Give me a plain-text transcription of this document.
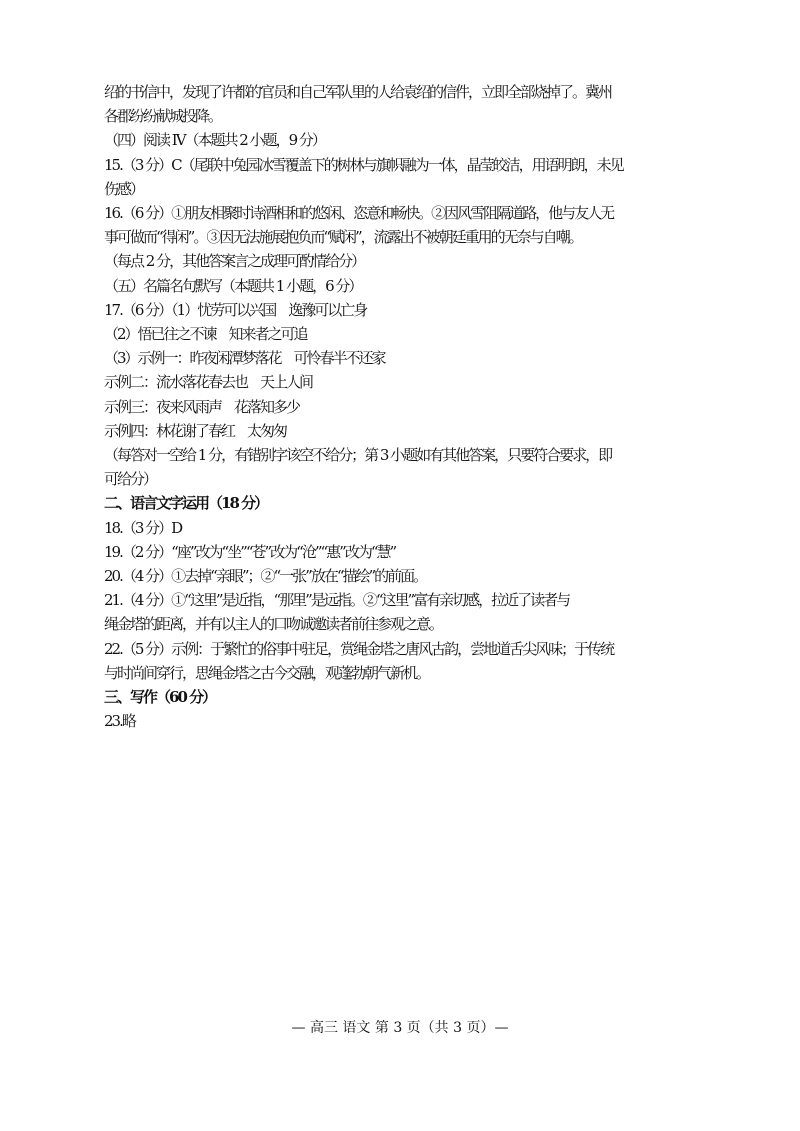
绍的书信中，发现了许都的官员和自己军队里的人给袁绍的信件，立即全部烧掉了。冀州
各郡纷纷献城投降。
（四）阅读 IV（本题共 2 小题，9 分）
15.（3 分）C（尾联中兔园冰雪覆盖下的树林与旗帜融为一体，晶莹皎洁，用语明朗，未见
伤感）
16.（6 分）①朋友相聚时诗酒相和的悠闲、恣意和畅快。②因风雪阻隔道路，他与友人无
事可做而“得闲”。③因无法施展抱负而“赋闲”，流露出不被朝廷重用的无奈与自嘲。
（每点 2 分，其他答案言之成理可酌情给分）
（五）名篇名句默写（本题共 1 小题，6 分）
17.（6 分）（1）忧劳可以兴国　逸豫可以亡身
（2）悟已往之不谏　知来者之可追
（3）示例一：昨夜闲潭梦落花　可怜春半不还家
示例二：流水落花春去也　天上人间
示例三：夜来风雨声　花落知多少
示例四：林花谢了春红　太匆匆
（每答对一空给 1 分，有错别字该空不给分；第 3 小题如有其他答案，只要符合要求，即
可给分）
二、语言文字运用（18 分）
18.（3 分）D
19.（2 分）“座”改为“坐”“苍”改为“沧”“惠”改为“慧”
20.（4 分）①去掉“亲眼”；②“一张”放在“描绘”的前面。
21.（4 分）①“这里”是近指，“那里”是远指。②“这里”富有亲切感，拉近了读者与
绳金塔的距离，并有以主人的口吻诚邀读者前往参观之意。
22.（5 分）示例：于繁忙的俗事中驻足，赏绳金塔之唐风古韵，尝地道舌尖风味；于传统
与时尚间穿行，思绳金塔之古今交融，观蓬勃朝气新机。
三、写作（60 分）
23.略
— 高三 语文 第 3 页（共 3 页）—
